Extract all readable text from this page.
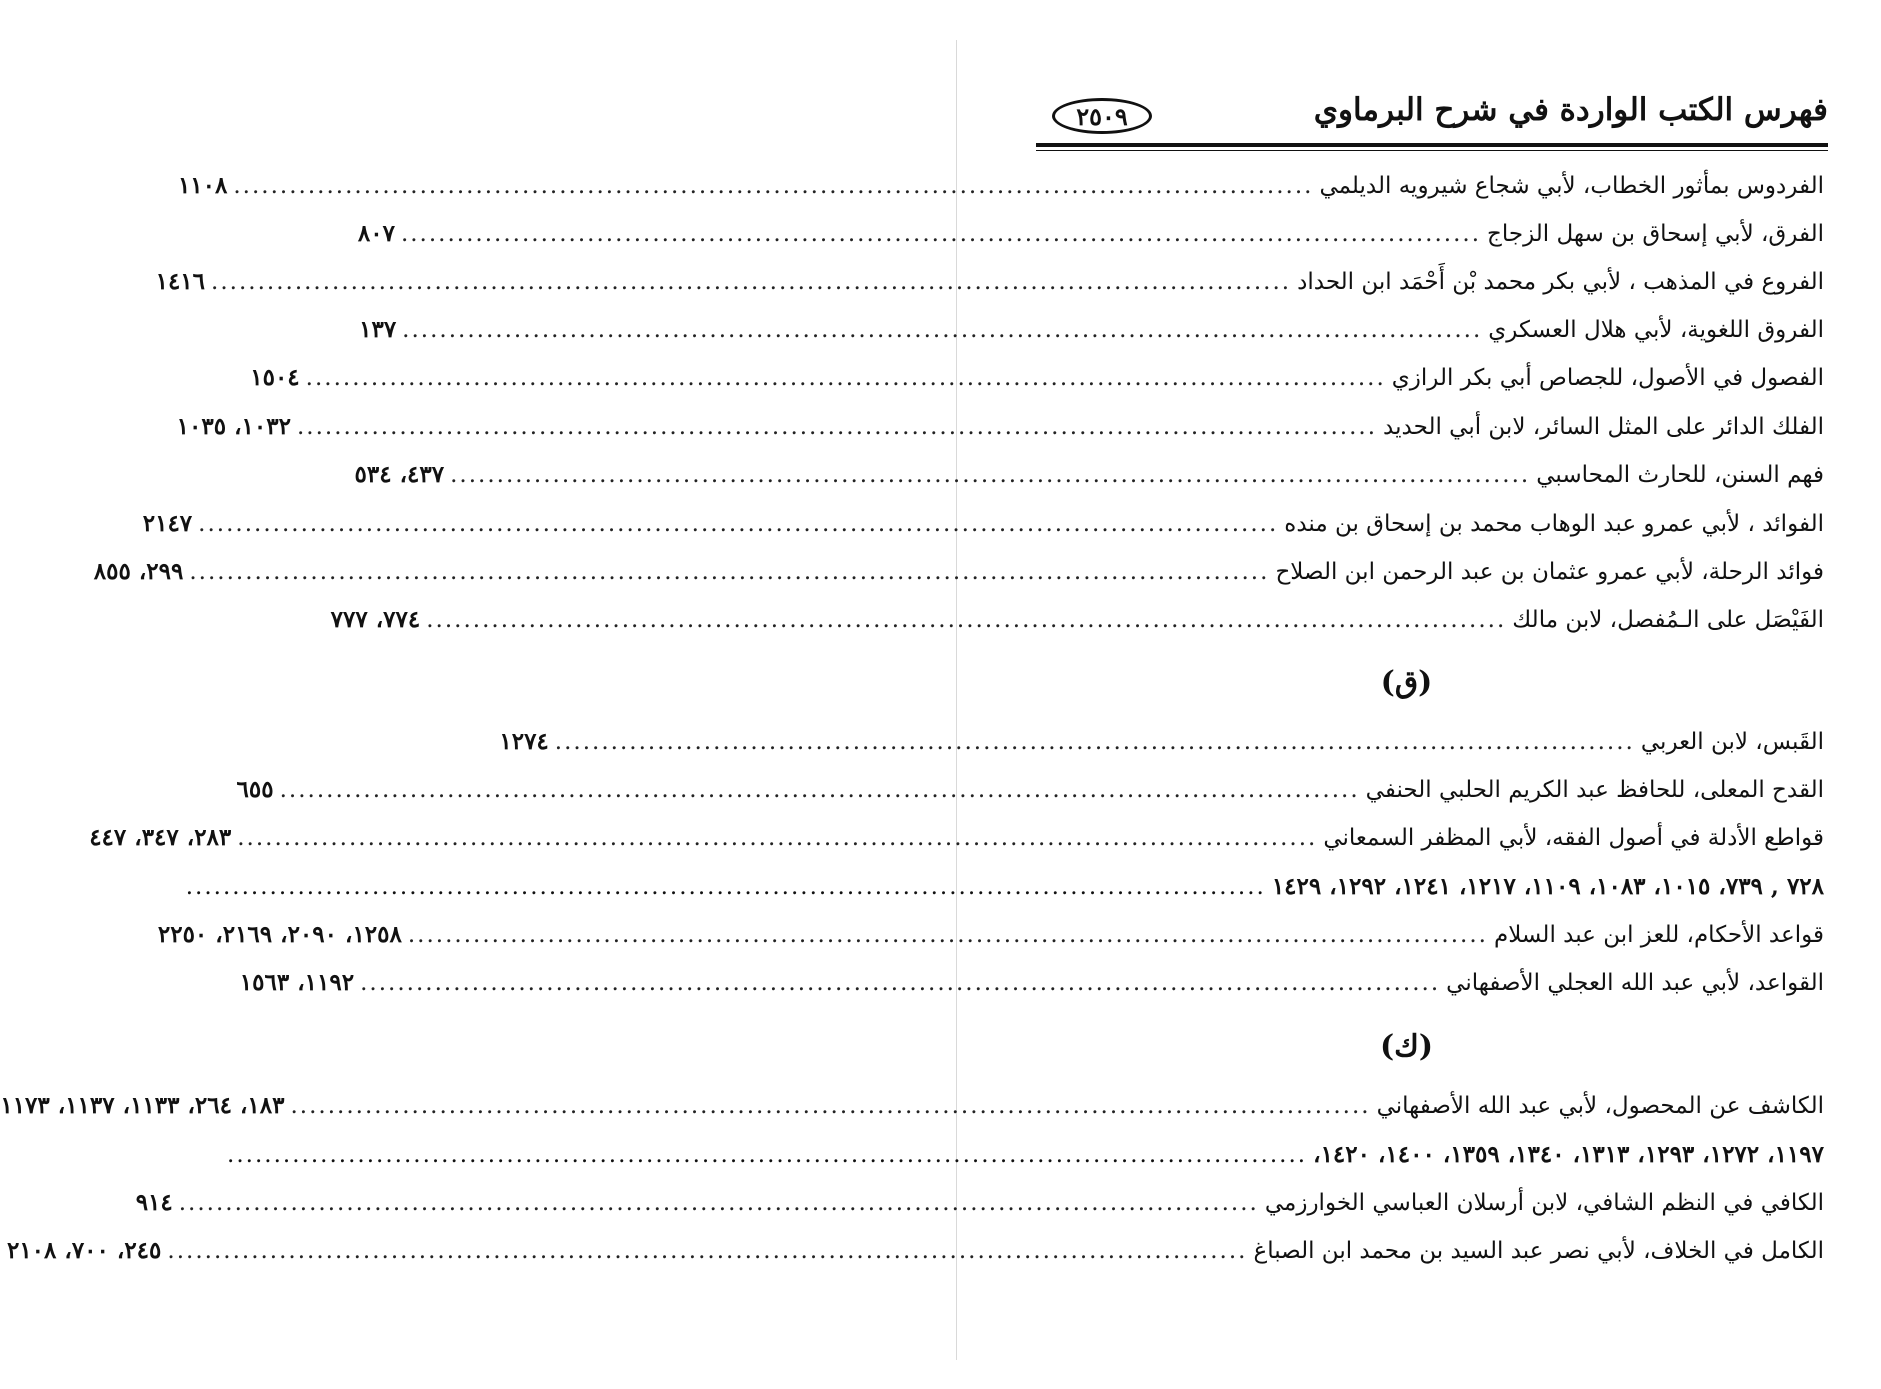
فهرس الكتب الواردة في شرح البرماوي
٢٥٠٩
الفردوس بمأثور الخطاب، لأبي شجاع شيرويه الديلمي
....................................................................................................................
١١٠٨
الفرق، لأبي إسحاق بن سهل الزجاج
....................................................................................................................
٨٠٧
الفروع في المذهب ، لأبي بكر محمد بْن أَحْمَد ابن الحداد
....................................................................................................................
١٤١٦
الفروق اللغوية، لأبي هلال العسكري
....................................................................................................................
١٣٧
الفصول في الأصول، للجصاص أبي بكر الرازي
....................................................................................................................
١٥٠٤
الفلك الدائر على المثل السائر، لابن أبي الحديد
....................................................................................................................
١٠٣٢، ١٠٣٥
فهم السنن، للحارث المحاسبي
....................................................................................................................
٤٣٧، ٥٣٤
الفوائد ، لأبي عمرو عبد الوهاب محمد بن إسحاق بن منده
....................................................................................................................
٢١٤٧
فوائد الرحلة، لأبي عمرو عثمان بن عبد الرحمن ابن الصلاح
....................................................................................................................
٢٩٩، ٨٥٥
الفَيْصَل على الـمُفصل، لابن مالك
....................................................................................................................
٧٧٤، ٧٧٧
(ق)
القَبس، لابن العربي
....................................................................................................................
١٢٧٤
القدح المعلى، للحافظ عبد الكريم الحلبي الحنفي
....................................................................................................................
٦٥٥
قواطع الأدلة في أصول الفقه، لأبي المظفر السمعاني
....................................................................................................................
٢٨٣، ٣٤٧، ٤٤٧
٧٢٨ , ٧٣٩، ١٠١٥، ١٠٨٣، ١١٠٩، ١٢١٧، ١٢٤١، ١٢٩٢، ١٤٢٩
....................................................................................................................
قواعد الأحكام، للعز ابن عبد السلام
....................................................................................................................
١٢٥٨، ٢٠٩٠، ٢١٦٩، ٢٢٥٠
القواعد، لأبي عبد الله العجلي الأصفهاني
....................................................................................................................
١١٩٢، ١٥٦٣
(ك)
الكاشف عن المحصول، لأبي عبد الله الأصفهاني
....................................................................................................................
١٨٣، ٢٦٤، ١١٣٣، ١١٣٧، ١١٧٣
١١٩٧، ١٢٧٢، ١٢٩٣، ١٣١٣، ١٣٤٠، ١٣٥٩، ١٤٠٠، ١٤٢٠،
....................................................................................................................
الكافي في النظم الشافي، لابن أرسلان العباسي الخوارزمي
....................................................................................................................
٩١٤
الكامل في الخلاف، لأبي نصر عبد السيد بن محمد ابن الصباغ
....................................................................................................................
٢٤٥، ٧٠٠، ٢١٠٨
